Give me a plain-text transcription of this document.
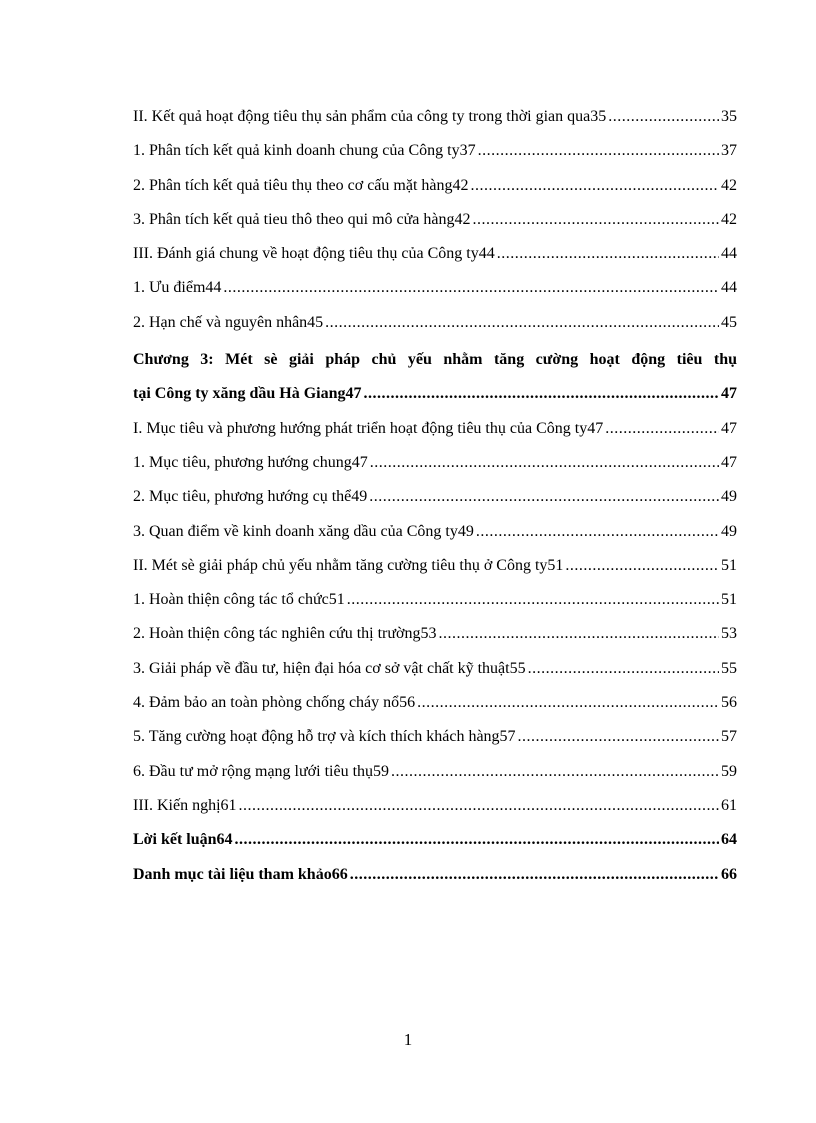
II. Kết quả hoạt động tiêu thụ sản phẩm của công ty trong thời gian qua35 .....	35
1. Phân tích kết quả kinh doanh chung của Công ty37 .....	37
2. Phân tích kết quả tiêu thụ theo cơ cấu mặt hàng42 .....	42
3. Phân tích kết quả tieu thô theo qui mô cửa hàng42 .....	42
III. Đánh giá chung về hoạt động tiêu thụ của Công ty44 .....	44
1. Ưu điểm44 .....	44
2. Hạn chế và nguyên nhân45 .....	45
Chương 3: Mét sè giải pháp chủ yếu nhằm tăng cường hoạt động tiêu thụ
tại Công ty xăng dầu Hà Giang47 .....	47
I. Mục tiêu và phương hướng phát triển hoạt động tiêu thụ của Công ty47 .....	47
1. Mục tiêu, phương hướng chung47 .....	47
2. Mục tiêu, phương hướng cụ thể49 .....	49
3. Quan điểm về kinh doanh xăng dầu của Công ty49 .....	49
II. Mét sè giải pháp chủ yếu nhằm tăng cường tiêu thụ ở Công ty51 .....	51
1. Hoàn thiện công tác tổ chức51 .....	51
2. Hoàn thiện công tác nghiên cứu thị trường53 .....	53
3. Giải pháp về đầu tư, hiện đại hóa cơ sở vật chất kỹ thuật55 .....	55
4. Đảm bảo an toàn phòng chống cháy nổ56 .....	56
5. Tăng cường hoạt động hỗ trợ và kích thích khách hàng57 .....	57
6. Đầu tư mở rộng mạng lưới tiêu thụ59 .....	59
III. Kiến nghị61 .....	61
Lời kết luận64 .....	64
Danh mục tài liệu tham khảo66 .....	66
1
